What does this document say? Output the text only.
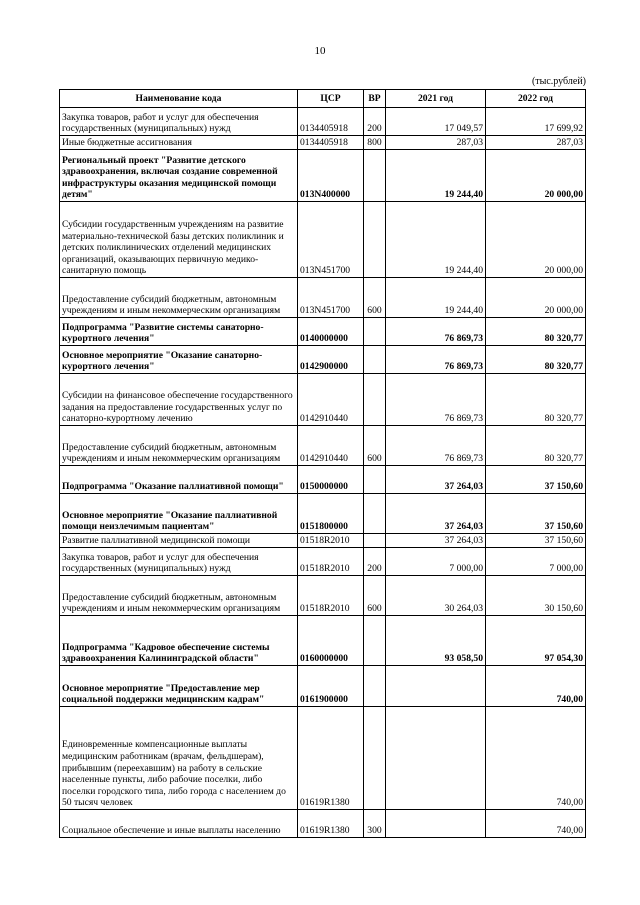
10
(тыс.рублей)
Наименование кода	ЦСР	ВР	2021 год	2022 год
Закупка товаров, работ и услуг для обеспечения государственных (муниципальных) нужд	0134405918	200	17 049,57	17 699,92
Иные бюджетные ассигнования	0134405918	800	287,03	287,03
Региональный проект "Развитие детского здравоохранения, включая создание современной инфраструктуры оказания медицинской помощи детям"	013N400000		19 244,40	20 000,00
Субсидии государственным учреждениям на развитие материально-технической базы детских поликлиник и детских поликлинических отделений медицинских организаций, оказывающих первичную медико-санитарную помощь	013N451700		19 244,40	20 000,00
Предоставление субсидий бюджетным, автономным учреждениям и иным некоммерческим организациям	013N451700	600	19 244,40	20 000,00
Подпрограмма "Развитие системы санаторно-курортного лечения"	0140000000		76 869,73	80 320,77
Основное мероприятие "Оказание санаторно-курортного лечения"	0142900000		76 869,73	80 320,77
Субсидии на финансовое обеспечение государственного задания на предоставление государственных услуг по санаторно-курортному лечению	0142910440		76 869,73	80 320,77
Предоставление субсидий бюджетным, автономным учреждениям и иным некоммерческим организациям	0142910440	600	76 869,73	80 320,77
Подпрограмма "Оказание паллиативной помощи"	0150000000		37 264,03	37 150,60
Основное мероприятие "Оказание паллиативной помощи неизлечимым пациентам"	0151800000		37 264,03	37 150,60
Развитие паллиативной медицинской помощи	01518R2010		37 264,03	37 150,60
Закупка товаров, работ и услуг для обеспечения государственных (муниципальных) нужд	01518R2010	200	7 000,00	7 000,00
Предоставление субсидий бюджетным, автономным учреждениям и иным некоммерческим организациям	01518R2010	600	30 264,03	30 150,60
Подпрограмма "Кадровое обеспечение системы здравоохранения Калининградской области"	0160000000		93 058,50	97 054,30
Основное мероприятие "Предоставление мер социальной поддержки медицинским кадрам"	0161900000			740,00
Единовременные компенсационные выплаты медицинским работникам (врачам, фельдшерам), прибывшим (переехавшим) на работу в сельские населенные пункты, либо рабочие поселки, либо поселки городского типа, либо города с населением до 50 тысяч человек	01619R1380			740,00
Социальное обеспечение и иные выплаты населению	01619R1380	300		740,00
